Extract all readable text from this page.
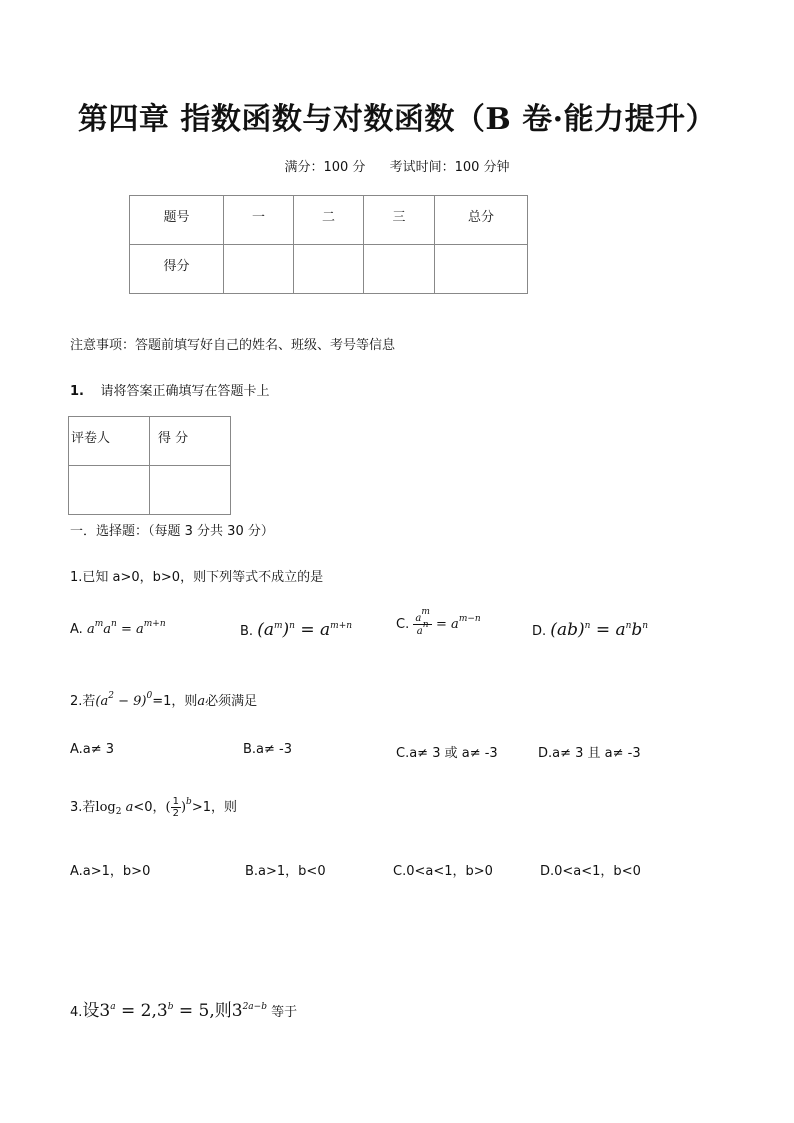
第四章 指数函数与对数函数（B 卷·能力提升）
满分：100 分 考试时间：100 分钟
题号	一	二	三	总分

得分				

注意事项：答题前填写好自己的姓名、班级、考号等信息
1. 请将答案正确填写在答题卡上
评卷人	得 分

一．选择题：（每题 3 分共 30 分）
1.已知 a>0，b>0，则下列等式不成立的是
A. $a^ma^n = a^{m+n}$	B. $(a^m)^n = a^{m+n}$	C. $\frac{a^m}{a^n} = a^{m-n}$
D. $(ab)^n = a^nb^n$
2.若$(a^2 - 9)^0=1$，则a必须满足
A.a≠ 3	B.a≠ -3	C.a≠ 3 或 a≠ -3	D.a≠ 3 且 a≠ -3
3.若$\log_2 a<0$，( $\frac{1}{2} )^b>1$，则
A.a>1，b>0	B.a>1，b<0	C.0<a<1，b>0	D.0<a<1，b<0
4.设$3^a = 2,3^b = 5$,则$3^{2a-b}$ 等于
